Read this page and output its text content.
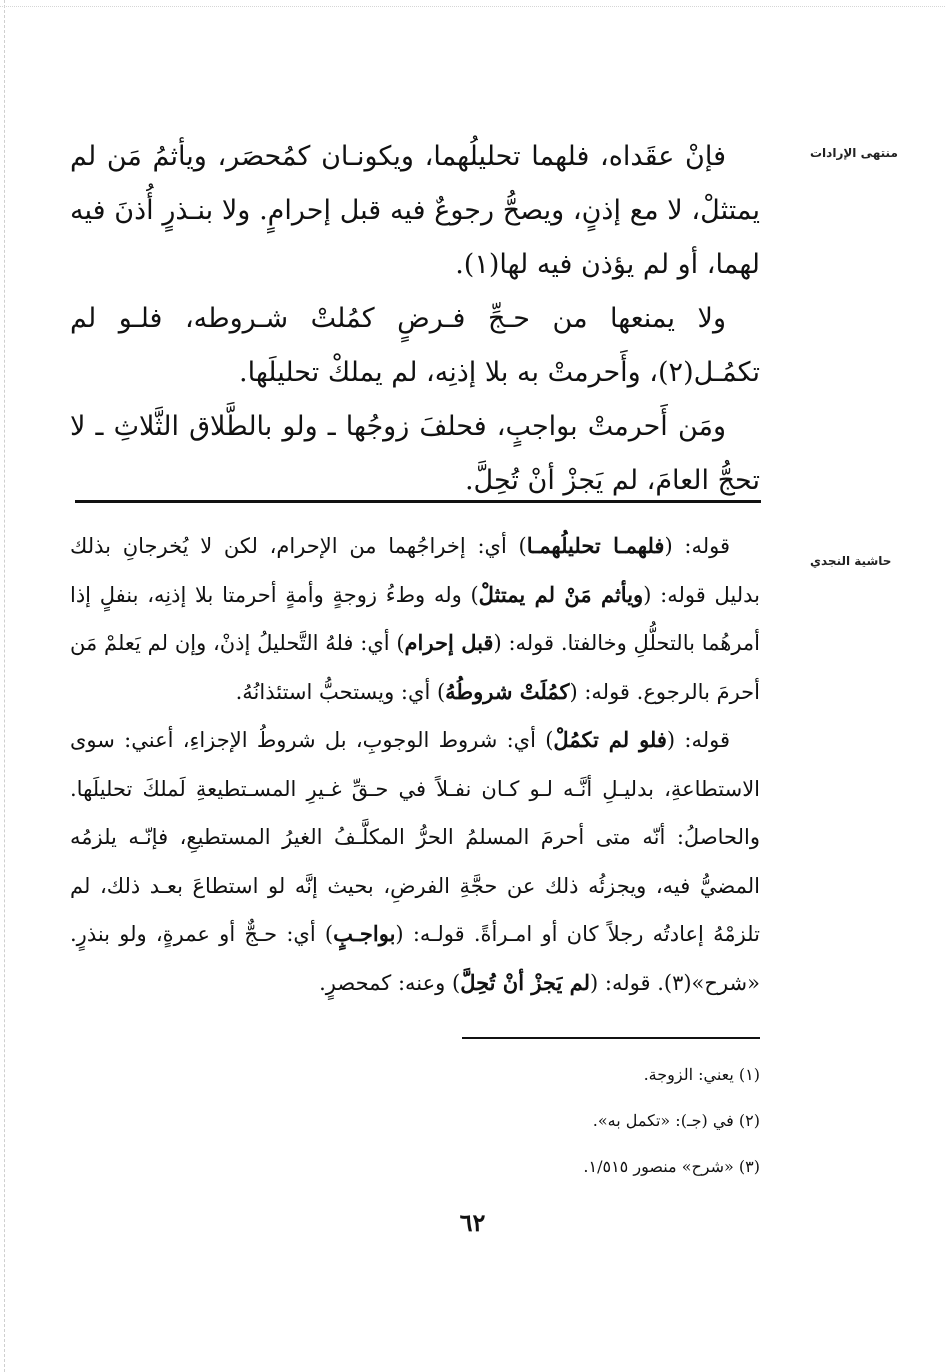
منتهى الإرادات
حاشية النجدي

فإنْ عقَداه، فلهما تحليلُهما، ويكونـان كمُحصَر، ويأثمُ مَن لم يمتثلْ، لا مع إذنٍ، ويصحُّ رجوعٌ فيه قبل إحرامٍ. ولا بنـذرٍ أُذنَ فيه لهما، أو لم يؤذن فيه لها(١).

ولا يمنعها من حـجِّ فـرضٍ كمُلتْ شـروطه، فلـو لم تكمُـل(٢)، وأَحرمتْ به بلا إذنِه، لم يملكْ تحليلَها.

ومَن أَحرمتْ بواجبٍ، فحلفَ زوجُها ـ ولو بالطَّلاق الثَّلاثِ ـ لا تحجُّ العامَ، لم يَجزْ أنْ تُحِلَّ.

قوله: (فلهمـا تحليلُهمـا) أي: إخراجُهما من الإحرام، لكن لا يُخرجانِ بذلك بدليل قوله: (ويأثم مَنْ لم يمتثلْ) وله وطءُ زوجةٍ وأمةٍ أحرمتا بلا إذنِه، بنفلٍ إذا أمرهُما بالتحلُّلِ وخالفتا. قوله: (قبل إحرام) أي: فلهُ التَّحليلُ إذنْ، وإن لم يَعلمْ مَن أحرمَ بالرجوع. قوله: (كمُلَتْ شروطُهُ) أي: ويستحبُّ استئذانُهُ.

قوله: (فلو لم تكمُلْ) أي: شروط الوجوبِ، بل شروطُ الإجزاءِ، أعني: سوى الاستطاعةِ، بدليـلِ أنَّـه لـو كـان نفـلاً في حـقِّ غـيرِ المسـتطيعةِ لَملكَ تحليلَها. والحاصلُ: أنّه متى أحرمَ المسلمُ الحرُّ المكلَّـفُ الغيرُ المستطيعِ، فإنّـه يلزمُه المضيُّ فيه، ويجزئُه ذلك عن حجَّةِ الفرضِ، بحيث إنَّه لو استطاعَ بعـد ذلك، لم تلزمْهُ إعادتُه رجلاً كان أو امـرأةً. قولـه: (بواجـبٍ) أي: حـجٌّ أو عمرةٍ، ولو بنذرٍ. «شرح»(٣). قوله: (لم يَجزْ أنْ تُحِلَّ) وعنه: كمحصرٍ.

(١) يعني: الزوجة.
(٢) في (جـ): «تكمل به».
(٣) «شرح» منصور ١/٥١٥.
٦٢
